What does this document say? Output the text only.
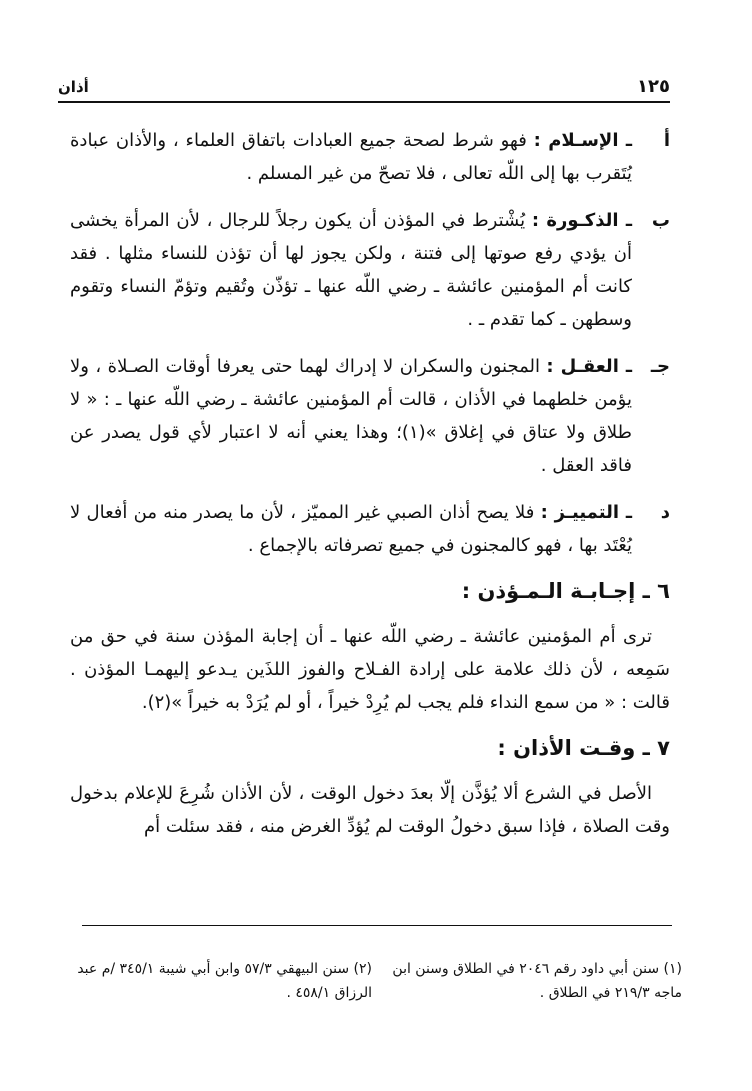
١٢٥
أذان
أ
ـ الإسـلام : فهو شرط لصحة جميع العبادات باتفاق العلماء ، والأذان عبادة يُتَقرب بها إلى اللّه تعالى ، فلا تصحّ من غير المسلم .
ب
ـ الذكـورة : يُشْترط في المؤذن أن يكون رجلاً للرجال ، لأن المرأة يخشى أن يؤدي رفع صوتها إلى فتنة ، ولكن يجوز لها أن تؤذن للنساء مثلها . فقد كانت أم المؤمنين عائشة ـ رضي اللّه عنها ـ تؤذّن وتُقيم وتؤمّ النساء وتقوم وسطهن ـ كما تقدم ـ .
جـ
ـ العقـل : المجنون والسكران لا إدراك لهما حتى يعرفا أوقات الصـلاة ، ولا يؤمن خلطهما في الأذان ، قالت أم المؤمنين عائشة ـ رضي اللّه عنها ـ : « لا طلاق ولا عتاق في إغلاق »(١)؛ وهذا يعني أنه لا اعتبار لأي قول يصدر عن فاقد العقل .
د
ـ التمييـز : فلا يصح أذان الصبي غير المميّز ، لأن ما يصدر منه من أفعال لا يُعْتَد بها ، فهو كالمجنون في جميع تصرفاته بالإجماع .
٦ ـ إجـابـة الـمـؤذن :
ترى أم المؤمنين عائشة ـ رضي اللّه عنها ـ أن إجابة المؤذن سنة في حق من سَمِعه ، لأن ذلك علامة على إرادة الفـلاح والفوز اللذَين يـدعو إليهمـا المؤذن . قالت : « من سمع النداء فلم يجب لم يُرِدْ خيراً ، أو لم يُرَدْ به خيراً »(٢).
٧ ـ وقـت الأذان :
الأصل في الشرع ألا يُؤذَّن إلّا بعدَ دخول الوقت ، لأن الأذان شُرِعَ للإعلام بدخول وقت الصلاة ، فإذا سبق دخولُ الوقت لم يُؤدِّ الغرض منه ، فقد سئلت أم
(١) سنن أبي داود رقم ٢٠٤٦ في الطلاق وسنن ابن ماجه ٢١٩/٣ في الطلاق .
(٢) سنن البيهقي ٥٧/٣ وابن أبي شيبة ٣٤٥/١ /م عبد الرزاق ٤٥٨/١ .
